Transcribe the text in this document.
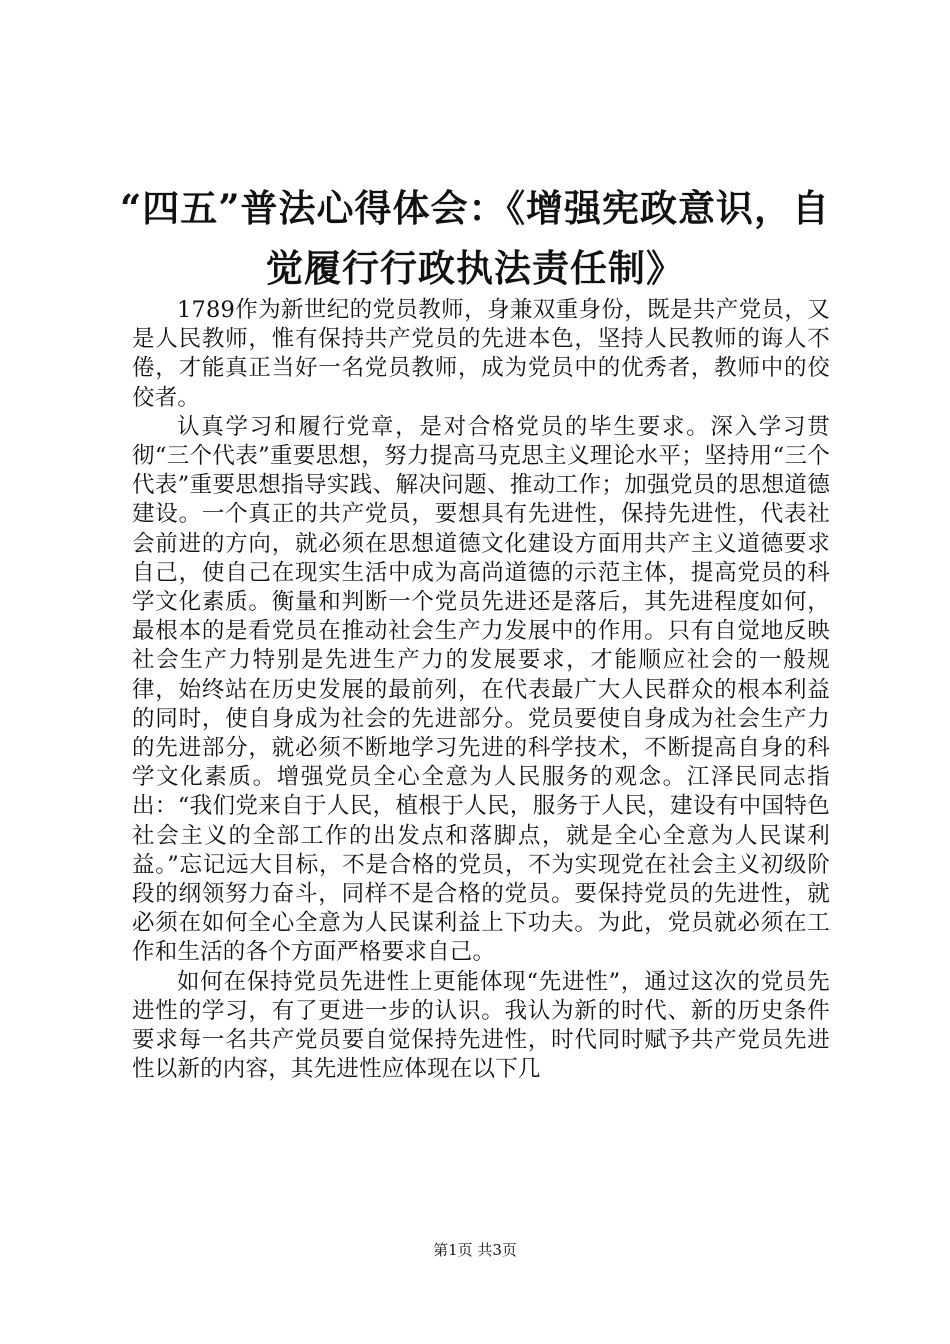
“四五”普法心得体会：《增强宪政意识，自觉履行行政执法责任制》

1789作为新世纪的党员教师，身兼双重身份，既是共产党员，又是人民教师，惟有保持共产党员的先进本色，坚持人民教师的诲人不倦，才能真正当好一名党员教师，成为党员中的优秀者，教师中的佼佼者。

认真学习和履行党章，是对合格党员的毕生要求。深入学习贯彻“三个代表”重要思想，努力提高马克思主义理论水平；坚持用“三个代表”重要思想指导实践、解决问题、推动工作；加强党员的思想道德建设。一个真正的共产党员，要想具有先进性，保持先进性，代表社会前进的方向，就必须在思想道德文化建设方面用共产主义道德要求自己，使自己在现实生活中成为高尚道德的示范主体，提高党员的科学文化素质。衡量和判断一个党员先进还是落后，其先进程度如何，最根本的是看党员在推动社会生产力发展中的作用。只有自觉地反映社会生产力特别是先进生产力的发展要求，才能顺应社会的一般规律，始终站在历史发展的最前列，在代表最广大人民群众的根本利益的同时，使自身成为社会的先进部分。党员要使自身成为社会生产力的先进部分，就必须不断地学习先进的科学技术，不断提高自身的科学文化素质。增强党员全心全意为人民服务的观念。江泽民同志指出：“我们党来自于人民，植根于人民，服务于人民，建设有中国特色社会主义的全部工作的出发点和落脚点，就是全心全意为人民谋利益。”忘记远大目标，不是合格的党员，不为实现党在社会主义初级阶段的纲领努力奋斗，同样不是合格的党员。要保持党员的先进性，就必须在如何全心全意为人民谋利益上下功夫。为此，党员就必须在工作和生活的各个方面严格要求自己。

如何在保持党员先进性上更能体现“先进性”，通过这次的党员先进性的学习，有了更进一步的认识。我认为新的时代、新的历史条件要求每一名共产党员要自觉保持先进性，时代同时赋予共产党员先进性以新的内容，其先进性应体现在以下几

第1页 共3页
